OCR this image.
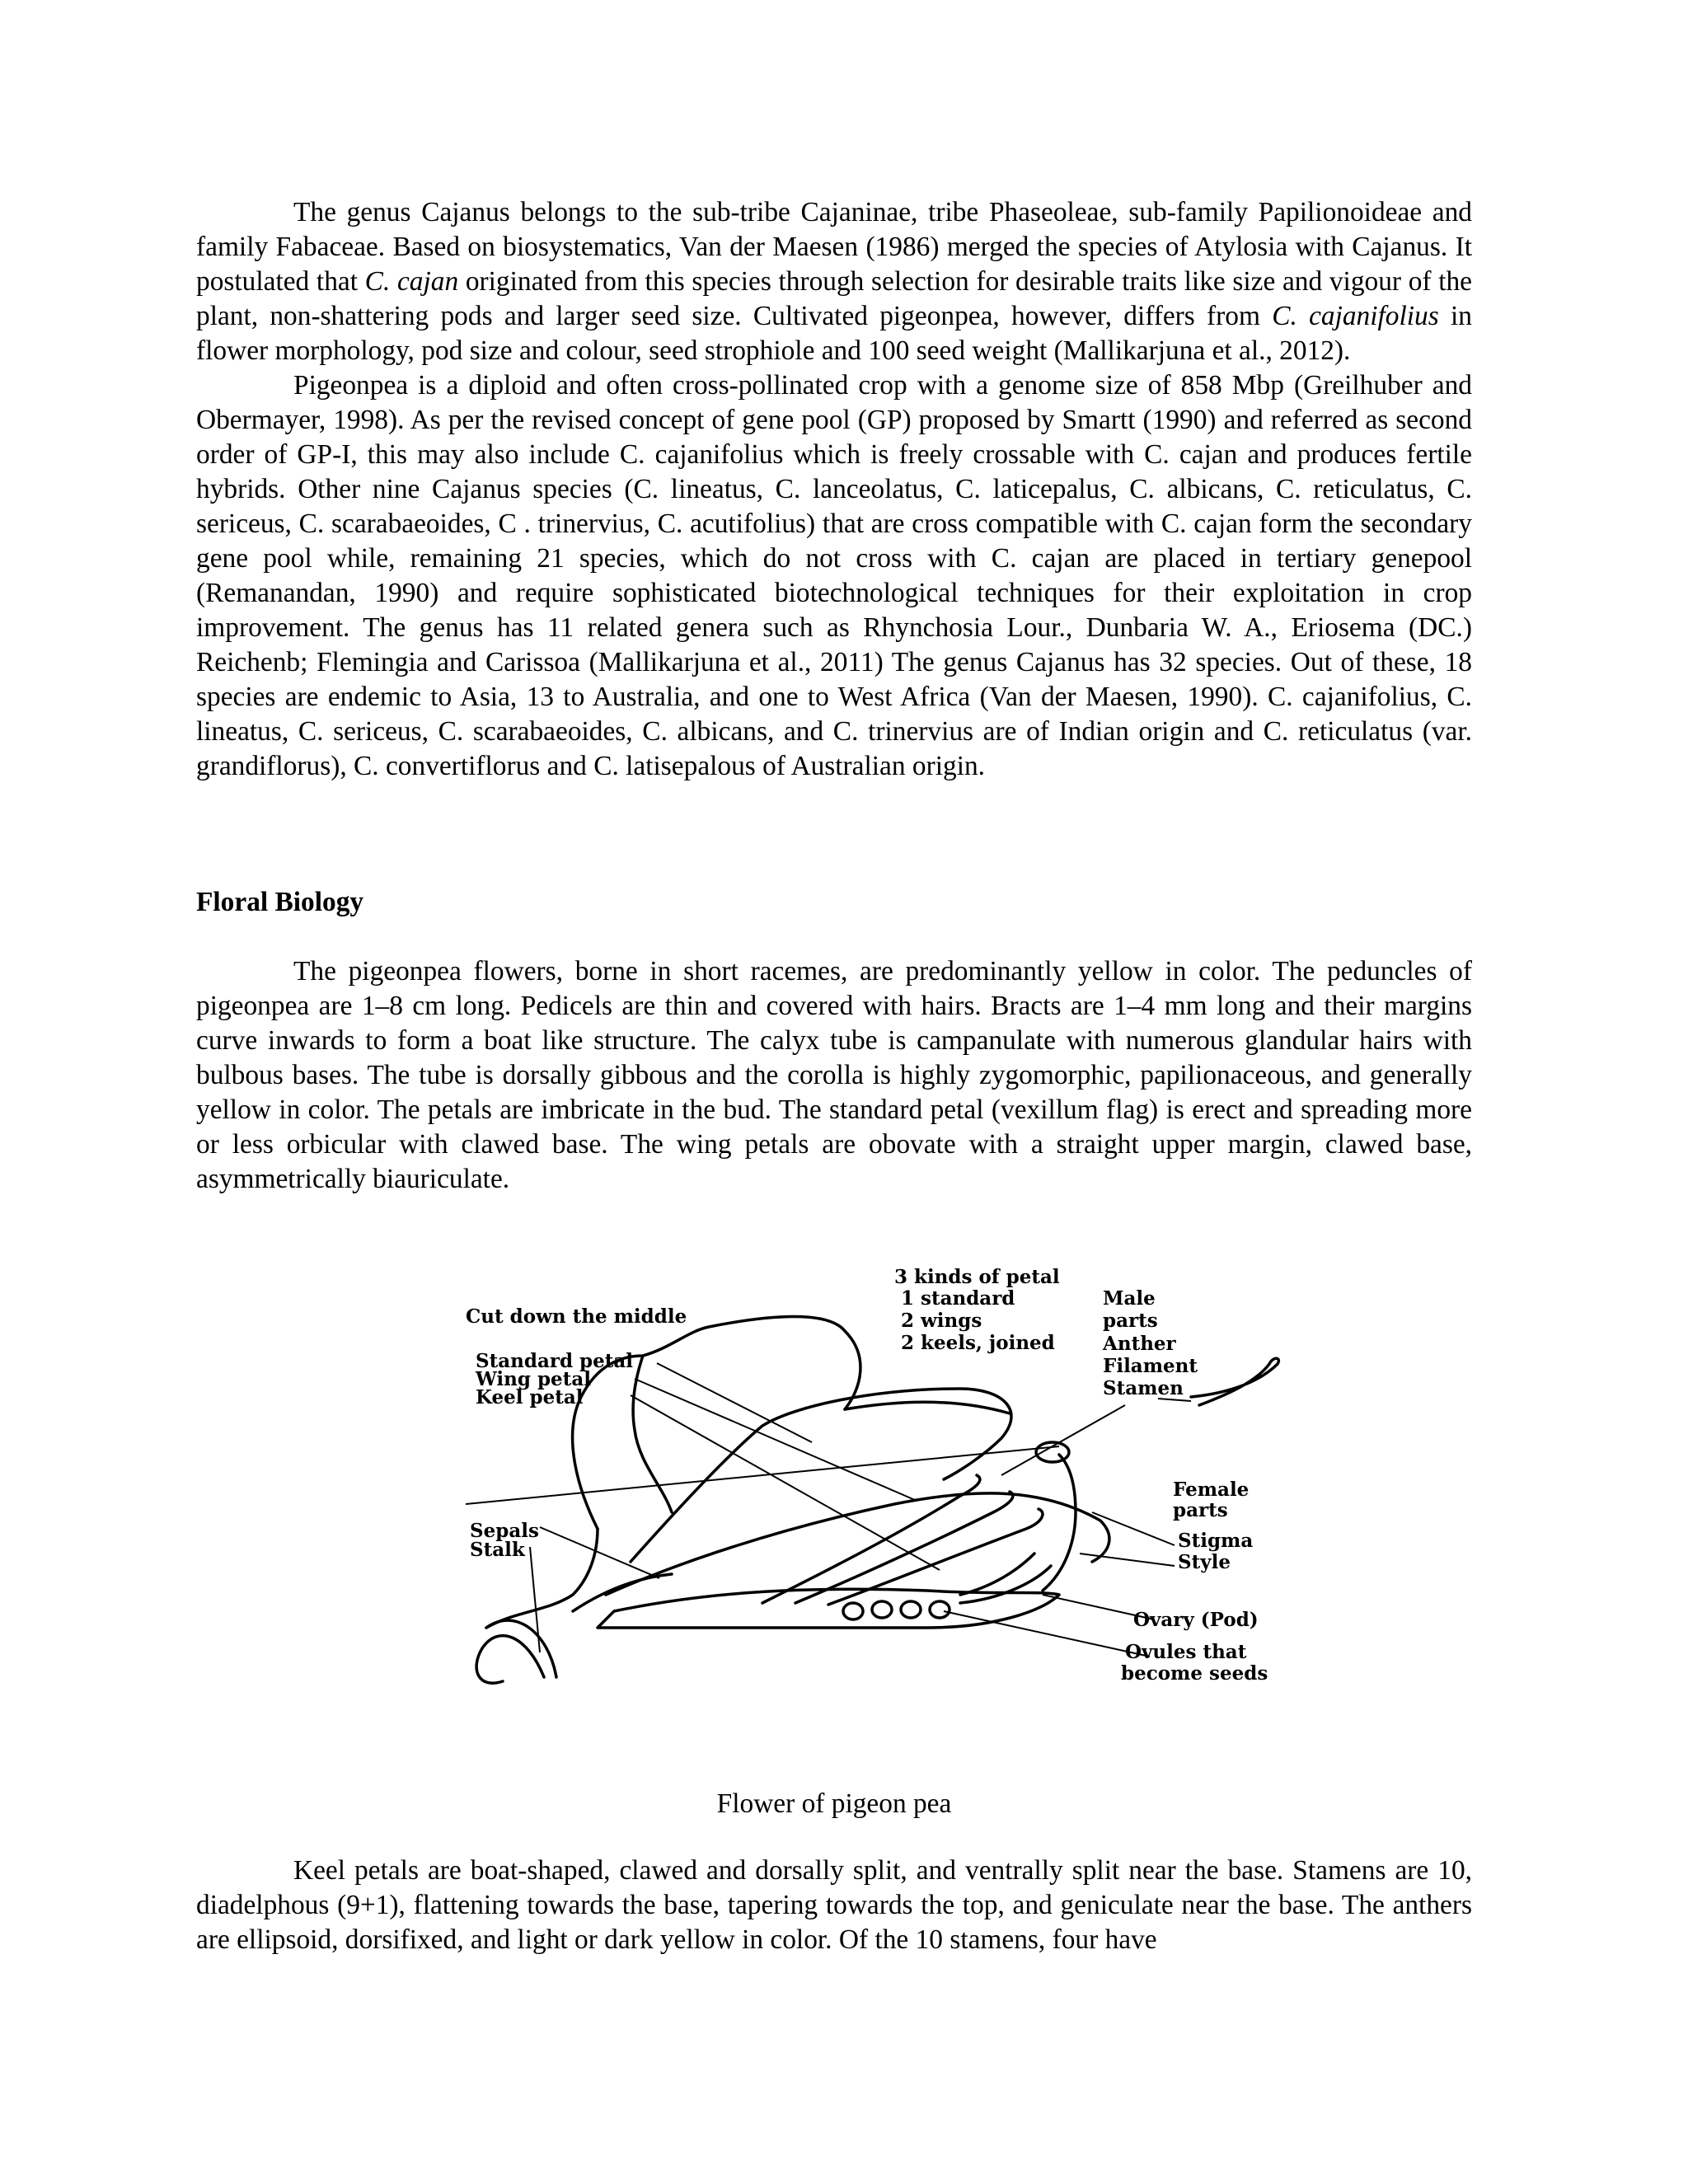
The genus Cajanus belongs to the sub-tribe Cajaninae, tribe Phaseoleae, sub-family Papilionoideae and family Fabaceae. Based on biosystematics, Van der Maesen (1986) merged the species of Atylosia with Cajanus. It postulated that C. cajan originated from this species through selection for desirable traits like size and vigour of the plant, non-shattering pods and larger seed size. Cultivated pigeonpea, however, differs from C. cajanifolius in flower morphology, pod size and colour, seed strophiole and 100 seed weight (Mallikarjuna et al., 2012).

Pigeonpea is a diploid and often cross-pollinated crop with a genome size of 858 Mbp (Greilhuber and Obermayer, 1998). As per the revised concept of gene pool (GP) proposed by Smartt (1990) and referred as second order of GP-I, this may also include C. cajanifolius which is freely crossable with C. cajan and produces fertile hybrids. Other nine Cajanus species (C. lineatus, C. lanceolatus, C. laticepalus, C. albicans, C. reticulatus, C. sericeus, C. scarabaeoides, C . trinervius, C. acutifolius) that are cross compatible with C. cajan form the secondary gene pool while, remaining 21 species, which do not cross with C. cajan are placed in tertiary genepool (Remanandan, 1990) and require sophisticated biotechnological techniques for their exploitation in crop improvement. The genus has 11 related genera such as Rhynchosia Lour., Dunbaria W. A., Eriosema (DC.) Reichenb; Flemingia and Carissoa (Mallikarjuna et al., 2011) The genus Cajanus has 32 species. Out of these, 18 species are endemic to Asia, 13 to Australia, and one to West Africa (Van der Maesen, 1990). C. cajanifolius, C. lineatus, C. sericeus, C. scarabaeoides, C. albicans, and C. trinervius are of Indian origin and C. reticulatus (var. grandiflorus), C. convertiflorus and C. latisepalous of Australian origin.

Floral Biology

The pigeonpea flowers, borne in short racemes, are predominantly yellow in color. The peduncles of pigeonpea are 1–8 cm long. Pedicels are thin and covered with hairs. Bracts are 1–4 mm long and their margins curve inwards to form a boat like structure. The calyx tube is campanulate with numerous glandular hairs with bulbous bases. The tube is dorsally gibbous and the corolla is highly zygomorphic, papilionaceous, and generally yellow in color. The petals are imbricate in the bud. The standard petal (vexillum flag) is erect and spreading more or less orbicular with clawed base. The wing petals are obovate with a straight upper margin, clawed base, asymmetrically biauriculate.

Cut down the middle
Standard petal
Wing petal
Keel petal
Sepals
Stalk
3 kinds of petal
1 standard
2 wings
2 keels, joined
Male
parts
Anther
Filament
Stamen
Female
parts
Stigma
Style
Ovary (Pod)
Ovules that
become seeds

Flower of pigeon pea

Keel petals are boat-shaped, clawed and dorsally split, and ventrally split near the base. Stamens are 10, diadelphous (9+1), flattening towards the base, tapering towards the top, and geniculate near the base. The anthers are ellipsoid, dorsifixed, and light or dark yellow in color. Of the 10 stamens, four have
